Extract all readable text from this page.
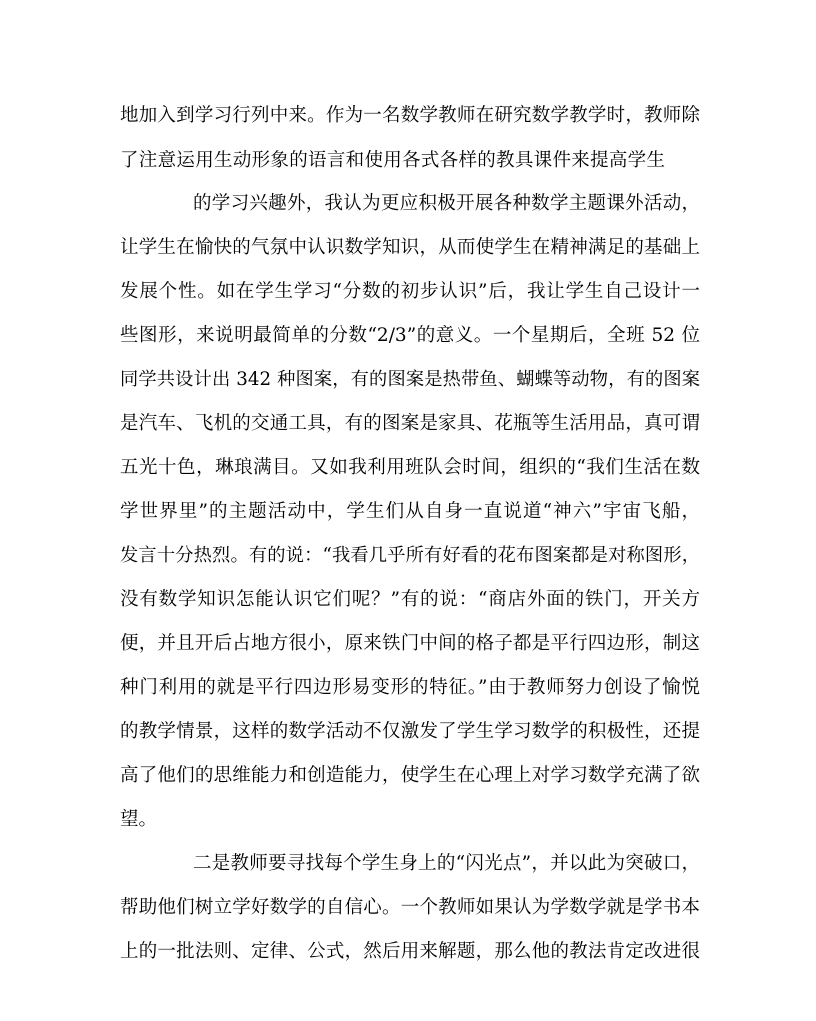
地加入到学习行列中来。作为一名数学教师在研究数学教学时，教师除
了注意运用生动形象的语言和使用各式各样的教具课件来提高学生
的学习兴趣外，我认为更应积极开展各种数学主题课外活动，
让学生在愉快的气氛中认识数学知识，从而使学生在精神满足的基础上
发展个性。如在学生学习“分数的初步认识”后，我让学生自己设计一
些图形，来说明最简单的分数“2/3”的意义。一个星期后，全班 52 位
同学共设计出 342 种图案，有的图案是热带鱼、蝴蝶等动物，有的图案
是汽车、飞机的交通工具，有的图案是家具、花瓶等生活用品，真可谓
五光十色，琳琅满目。又如我利用班队会时间，组织的“我们生活在数
学世界里”的主题活动中，学生们从自身一直说道“神六”宇宙飞船，
发言十分热烈。有的说：“我看几乎所有好看的花布图案都是对称图形，
没有数学知识怎能认识它们呢？”有的说：“商店外面的铁门，开关方
便，并且开后占地方很小，原来铁门中间的格子都是平行四边形，制这
种门利用的就是平行四边形易变形的特征。”由于教师努力创设了愉悦
的教学情景，这样的数学活动不仅激发了学生学习数学的积极性，还提
高了他们的思维能力和创造能力，使学生在心理上对学习数学充满了欲
望。
二是教师要寻找每个学生身上的“闪光点”，并以此为突破口，
帮助他们树立学好数学的自信心。一个教师如果认为学数学就是学书本
上的一批法则、定律、公式，然后用来解题，那么他的教法肯定改进很
